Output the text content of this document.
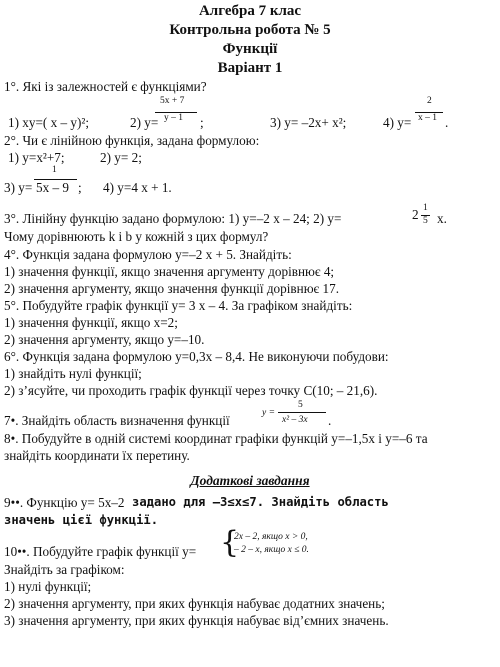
Алгебра 7 клас
Контрольна робота № 5
Функції
Варіант 1
1°. Які із залежностей є функціями?
5x + 7	2
1) xy=( x – y)²;	2) y= y – 1 ;	3) y= –2x+ x²;	4) y= x – 1 .
2°. Чи є лінійною функція, задана формулою:
1) y=x²+7;	2) y= 2;
1
3) y= 5x – 9 ; 4) y=4 x + 1.
3°. Лінійну функцію задано формулою: 1) y=–2 x – 24; 2) y=	2 1
5 x.
Чому дорівнюють k і b у кожній з цих формул?
4°. Функція задана формулою y=–2 x + 5. Знайдіть:
1) значення функції, якщо значення аргументу дорівнює 4;
2) значення аргументу, якщо значення функції дорівнює 17.
5°. Побудуйте графік функції y= 3 x – 4. За графіком знайдіть:
1) значення функції, якщо x=2;
2) значення аргументу, якщо y=–10.
6°. Функція задана формулою y=0,3x – 8,4. Не виконуючи побудови:
1) знайдіть нулі функції;
2) з’ясуйте, чи проходить графік функції через точку С(10; – 21,6).
7•. Знайдіть область визначення функції	y =
5
x² – 3x .
8•. Побудуйте в одній системі координат графіки функцій y=–1,5x і y=–6 та
знайдіть координати їх перетину.
Додаткові завдання
9••. Функцію y= 5x–2 задано для –3≤x≤7. Знайдіть область
значень цієї функції.
10••. Побудуйте графік функції y= {
2x – 2, якщо x > 0,
– 2 – x, якщо x ≤ 0.
Знайдіть за графіком:
1) нулі функції;
2) значення аргументу, при яких функція набуває додатних значень;
3) значення аргументу, при яких функція набуває від’ємних значень.
